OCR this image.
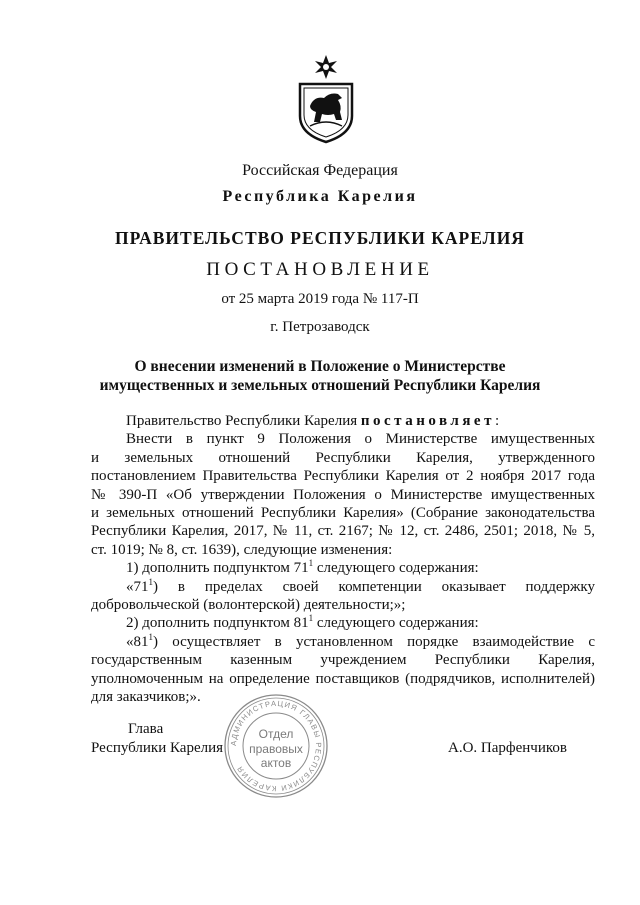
Российская Федерация
Республика Карелия
ПРАВИТЕЛЬСТВО РЕСПУБЛИКИ КАРЕЛИЯ
ПОСТАНОВЛЕНИЕ
от 25 марта 2019 года № 117-П
г. Петрозаводск
О внесении изменений в Положение о Министерстве
имущественных и земельных отношений Республики Карелия

Правительство Республики Карелия постановляет:

Внести в пункт 9 Положения о Министерстве имущественных

и земельных отношений Республики Карелия, утвержденного

постановлением Правительства Республики Карелия от 2 ноября 2017 года

№ 390-П «Об утверждении Положения о Министерстве имущественных

и земельных отношений Республики Карелия» (Собрание законодательства

Республики Карелия, 2017, № 11, ст. 2167; № 12, ст. 2486, 2501; 2018, № 5,

ст. 1019; № 8, ст. 1639), следующие изменения:

1) дополнить подпунктом $71^1$ следующего содержания:

«$71^1$) в пределах своей компетенции оказывает поддержку

добровольческой (волонтерской) деятельности;»;

2) дополнить подпунктом $81^1$ следующего содержания:

«$81^1$) осуществляет в установленном порядке взаимодействие с

государственным казенным учреждением Республики Карелия,

уполномоченным на определение поставщиков (подрядчиков, исполнителей)

для заказчиков;».

Глава
Республики Карелия	А.О. Парфенчиков
АДМИНИСТРАЦИЯ ГЛАВЫ РЕСПУБЛИКИ КАРЕЛИЯ
Отдел
правовых
актов
